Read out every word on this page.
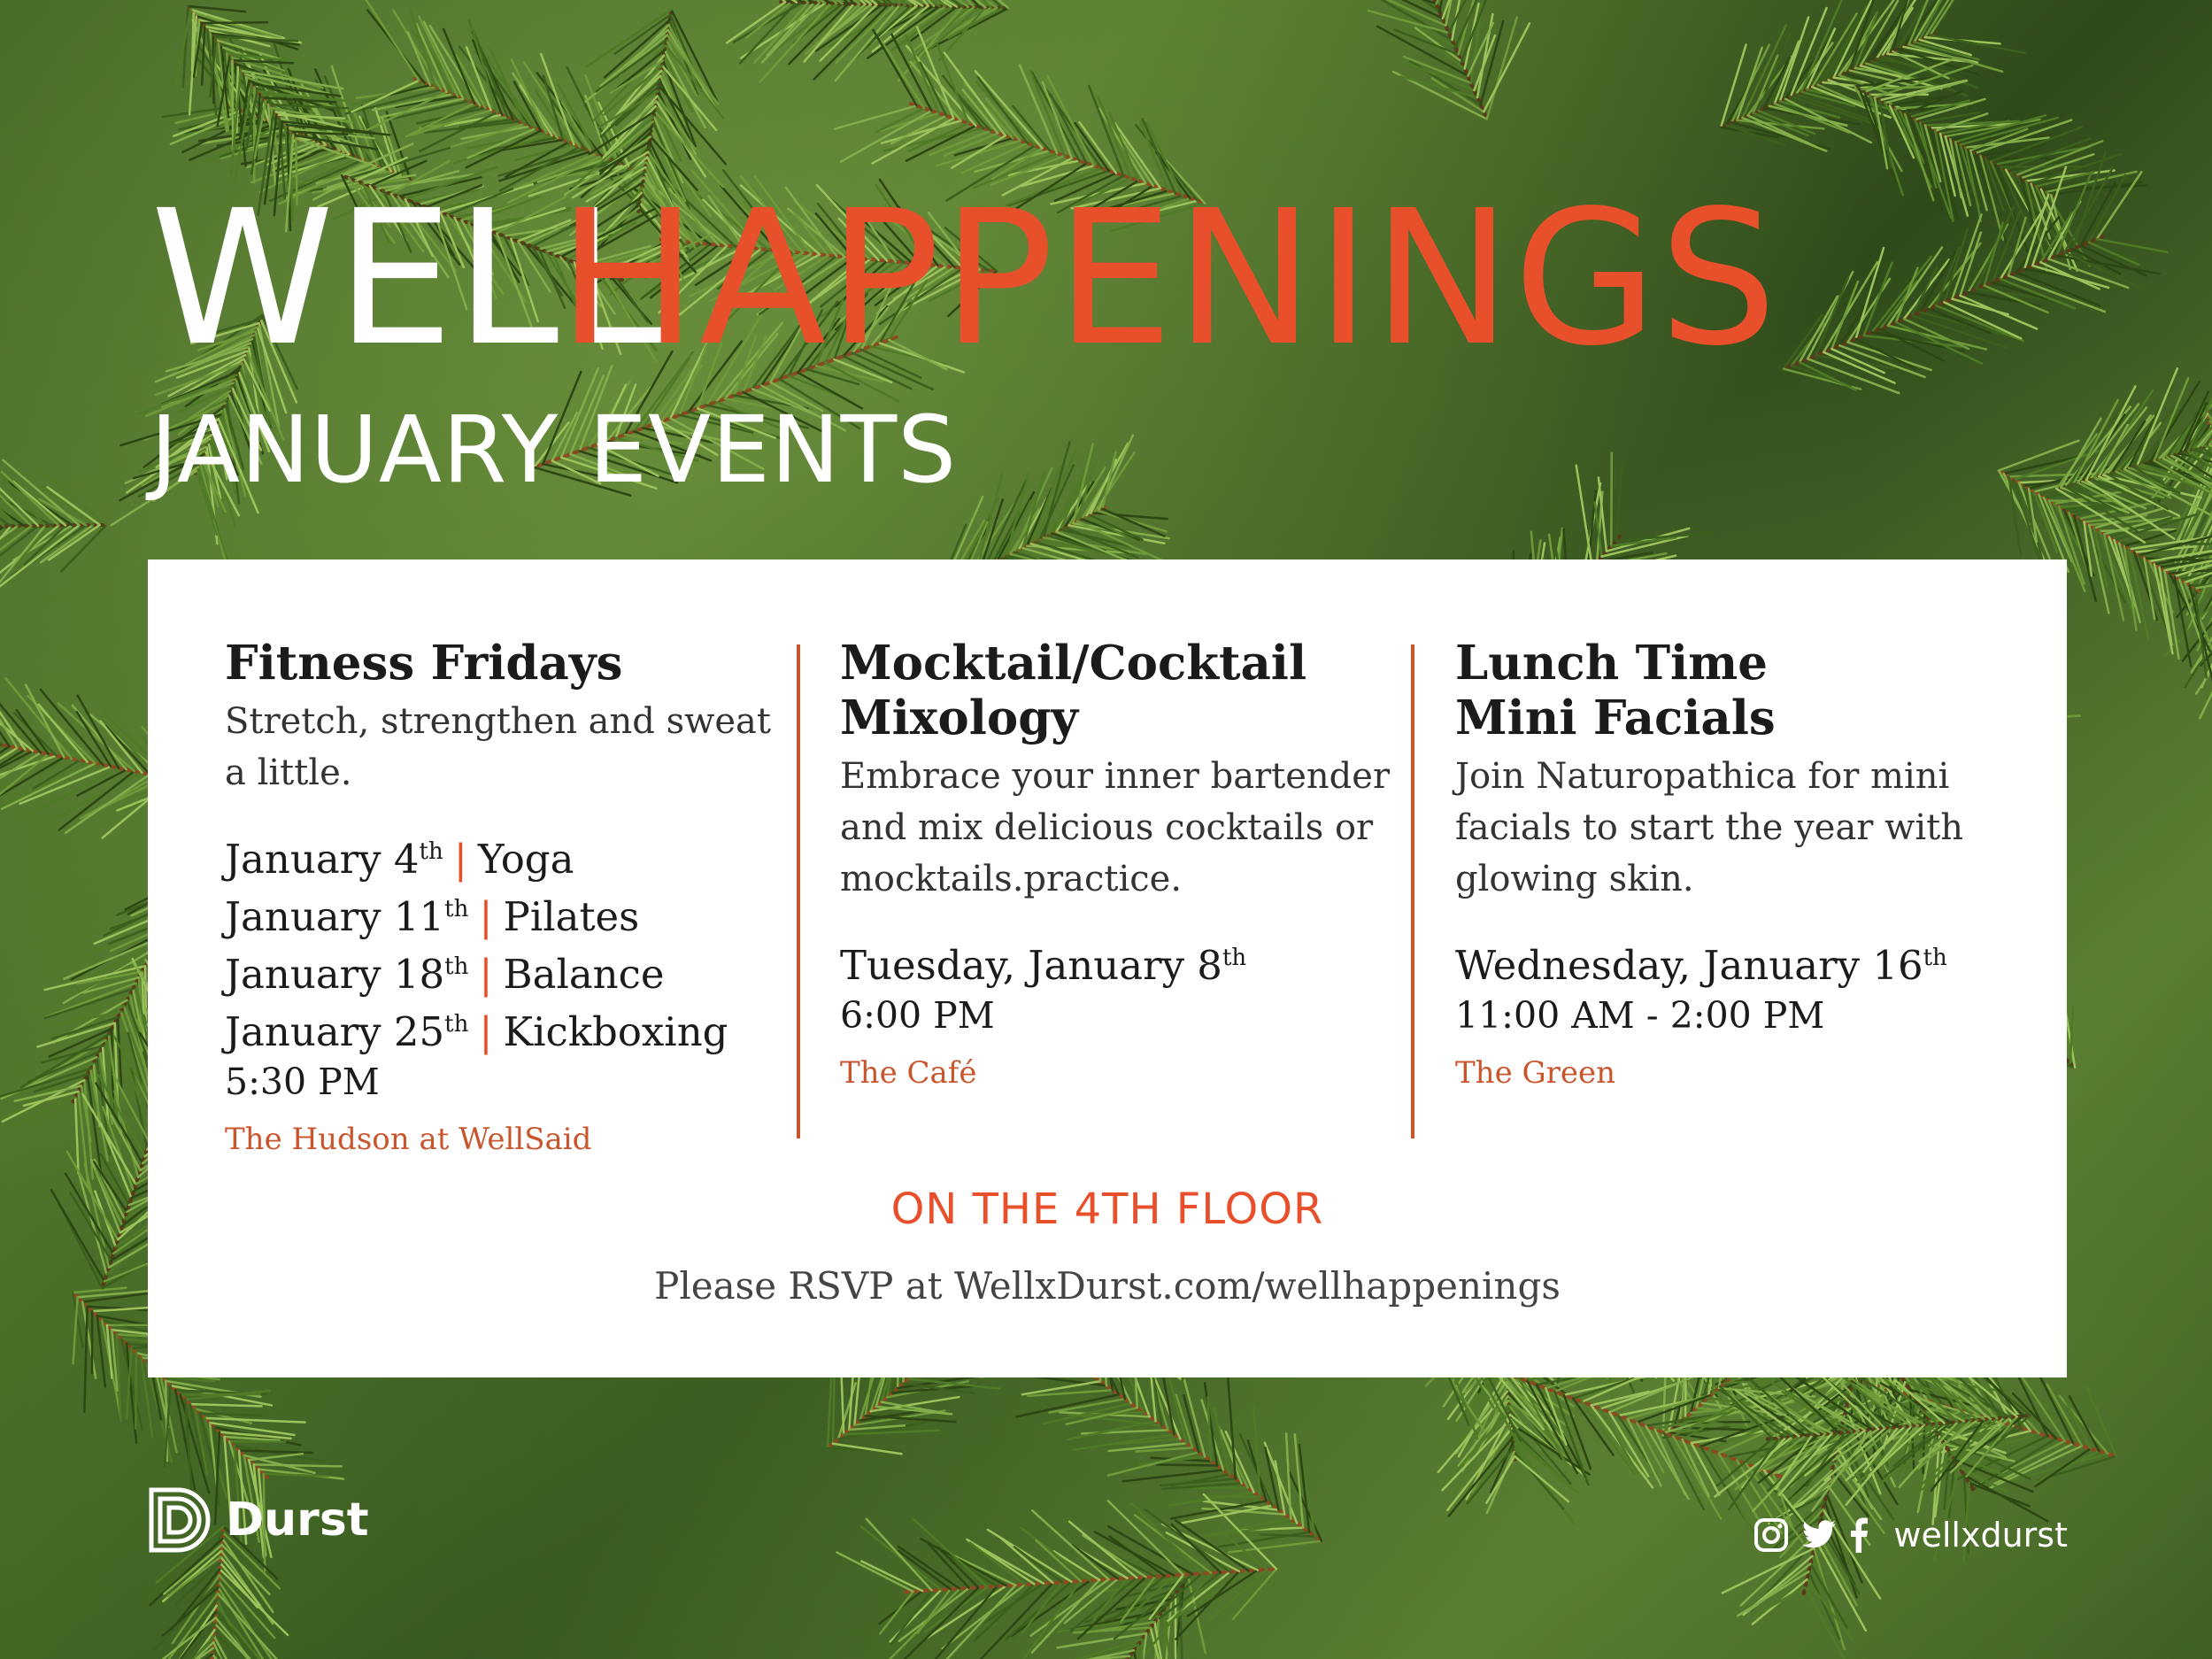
WELL
HAPPENINGS
JANUARY EVENTS
Fitness Fridays
Stretch, strengthen and sweat a little.
January 4th | Yoga
January 11th | Pilates
January 18th | Balance
January 25th | Kickboxing
5:30 PM
The Hudson at WellSaid
Mocktail/Cocktail
Mixology
Embrace your inner bartender and mix delicious cocktails or mocktails.practice.
Tuesday, January 8th
6:00 PM
The Café
Lunch Time
Mini Facials
Join Naturopathica for mini facials to start the year with glowing skin.
Wednesday, January 16th
11:00 AM - 2:00 PM
The Green
ON THE 4TH FLOOR
Please RSVP at WellxDurst.com/wellhappenings
Durst	wellxdurst
